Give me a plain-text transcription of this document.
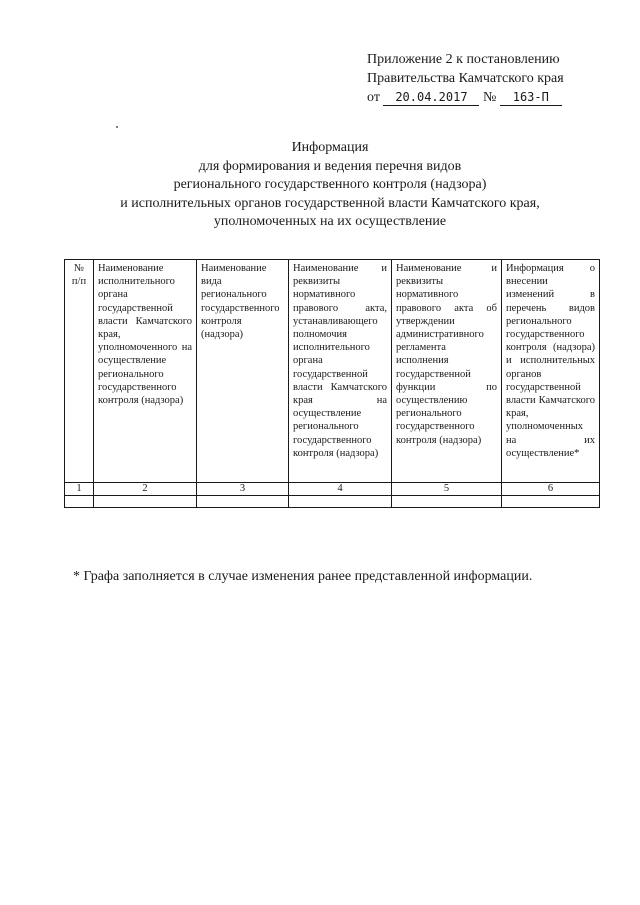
Приложение 2 к постановлению
Правительства Камчатского края
от 20.04.2017 № 163-П
Информация
для формирования и ведения перечня видов
регионального государственного контроля (надзора)
и исполнительных органов государственной власти Камчатского края,
уполномоченных на их осуществление
№ п/п	Наименование исполнительного органа государственной власти Камчатского края, уполномоченного на осуществление регионального государственного контроля (надзора)	Наименование вида регионального государственного контроля (надзора)	Наименование и реквизиты нормативного правового акта, устанавливающего полномочия исполнительного органа государственной власти Камчатского края на осуществление регионального государственного контроля (надзора)	Наименование и реквизиты нормативного правового акта об утверждении административного регламента исполнения государственной функции по осуществлению регионального государственного контроля (надзора)	Информация о внесении изменений в перечень видов регионального государственного контроля (надзора) и исполнительных органов государственной власти Камчатского края, уполномоченных на их осуществление*
1	2	3	4	5	6

* Графа заполняется в случае изменения ранее представленной информации.
